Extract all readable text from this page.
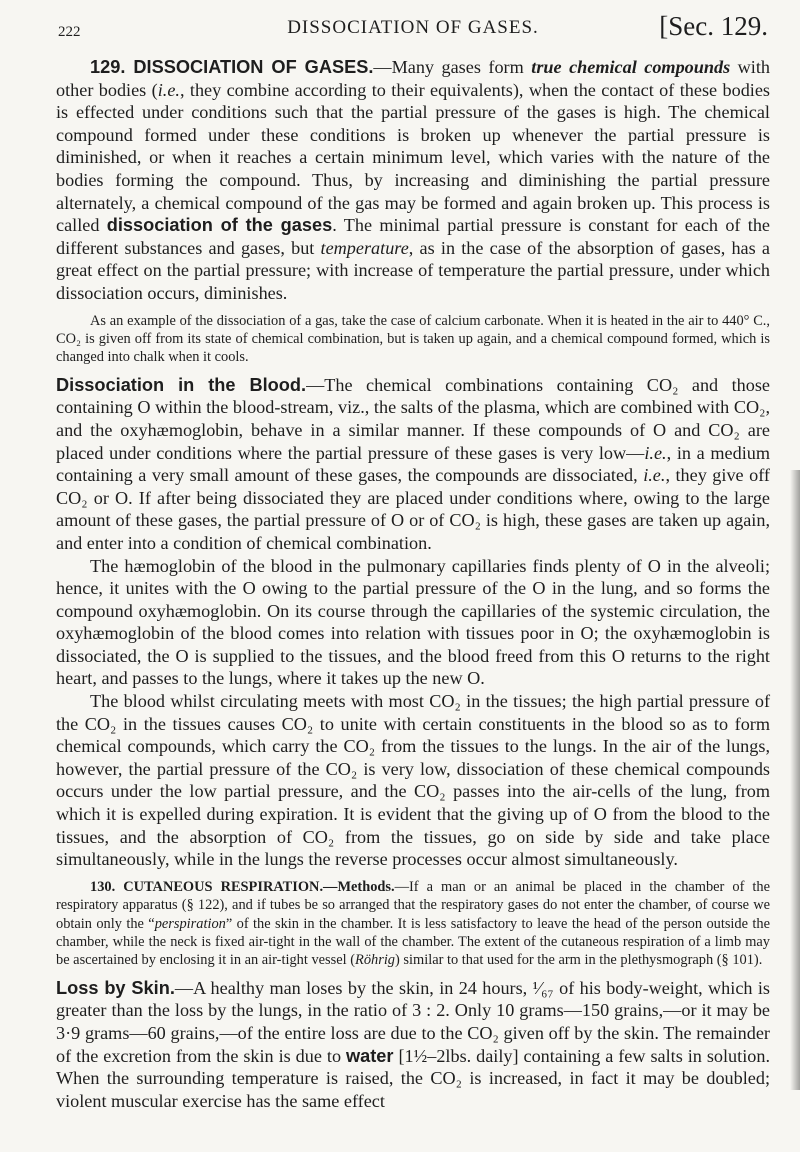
222	DISSOCIATION OF GASES.	[Sec. 129.

129. DISSOCIATION OF GASES.—Many gases form true chemical compounds with other bodies (i.e., they combine according to their equivalents), when the contact of these bodies is effected under conditions such that the partial pressure of the gases is high. The chemical compound formed under these conditions is broken up whenever the partial pressure is diminished, or when it reaches a certain minimum level, which varies with the nature of the bodies forming the compound. Thus, by increasing and diminishing the partial pressure alternately, a chemical compound of the gas may be formed and again broken up. This process is called dissociation of the gases. The minimal partial pressure is constant for each of the different substances and gases, but temperature, as in the case of the absorption of gases, has a great effect on the partial pressure; with increase of temperature the partial pressure, under which dissociation occurs, diminishes.

As an example of the dissociation of a gas, take the case of calcium carbonate. When it is heated in the air to 440° C., CO₂ is given off from its state of chemical combination, but is taken up again, and a chemical compound formed, which is changed into chalk when it cools.

Dissociation in the Blood.—The chemical combinations containing CO₂ and those containing O within the blood-stream, viz., the salts of the plasma, which are combined with CO₂, and the oxyhæmoglobin, behave in a similar manner. If these compounds of O and CO₂ are placed under conditions where the partial pressure of these gases is very low—i.e., in a medium containing a very small amount of these gases, the compounds are dissociated, i.e., they give off CO₂ or O. If after being dissociated they are placed under conditions where, owing to the large amount of these gases, the partial pressure of O or of CO₂ is high, these gases are taken up again, and enter into a condition of chemical combination.

The hæmoglobin of the blood in the pulmonary capillaries finds plenty of O in the alveoli; hence, it unites with the O owing to the partial pressure of the O in the lung, and so forms the compound oxyhæmoglobin. On its course through the capillaries of the systemic circulation, the oxyhæmoglobin of the blood comes into relation with tissues poor in O; the oxyhæmoglobin is dissociated, the O is supplied to the tissues, and the blood freed from this O returns to the right heart, and passes to the lungs, where it takes up the new O.

The blood whilst circulating meets with most CO₂ in the tissues; the high partial pressure of the CO₂ in the tissues causes CO₂ to unite with certain constituents in the blood so as to form chemical compounds, which carry the CO₂ from the tissues to the lungs. In the air of the lungs, however, the partial pressure of the CO₂ is very low, dissociation of these chemical compounds occurs under the low partial pressure, and the CO₂ passes into the air-cells of the lung, from which it is expelled during expiration. It is evident that the giving up of O from the blood to the tissues, and the absorption of CO₂ from the tissues, go on side by side and take place simultaneously, while in the lungs the reverse processes occur almost simultaneously.

130. CUTANEOUS RESPIRATION.—Methods.—If a man or an animal be placed in the chamber of the respiratory apparatus (§ 122), and if tubes be so arranged that the respiratory gases do not enter the chamber, of course we obtain only the “perspiration” of the skin in the chamber. It is less satisfactory to leave the head of the person outside the chamber, while the neck is fixed air-tight in the wall of the chamber. The extent of the cutaneous respiration of a limb may be ascertained by enclosing it in an air-tight vessel (Röhrig) similar to that used for the arm in the plethysmograph (§ 101).

Loss by Skin.—A healthy man loses by the skin, in 24 hours, ¹⁄₆₇ of his body-weight, which is greater than the loss by the lungs, in the ratio of 3 : 2. Only 10 grams—150 grains,—or it may be 3·9 grams—60 grains,—of the entire loss are due to the CO₂ given off by the skin. The remainder of the excretion from the skin is due to water [1½–2lbs. daily] containing a few salts in solution. When the surrounding temperature is raised, the CO₂ is increased, in fact it may be doubled; violent muscular exercise has the same effect
